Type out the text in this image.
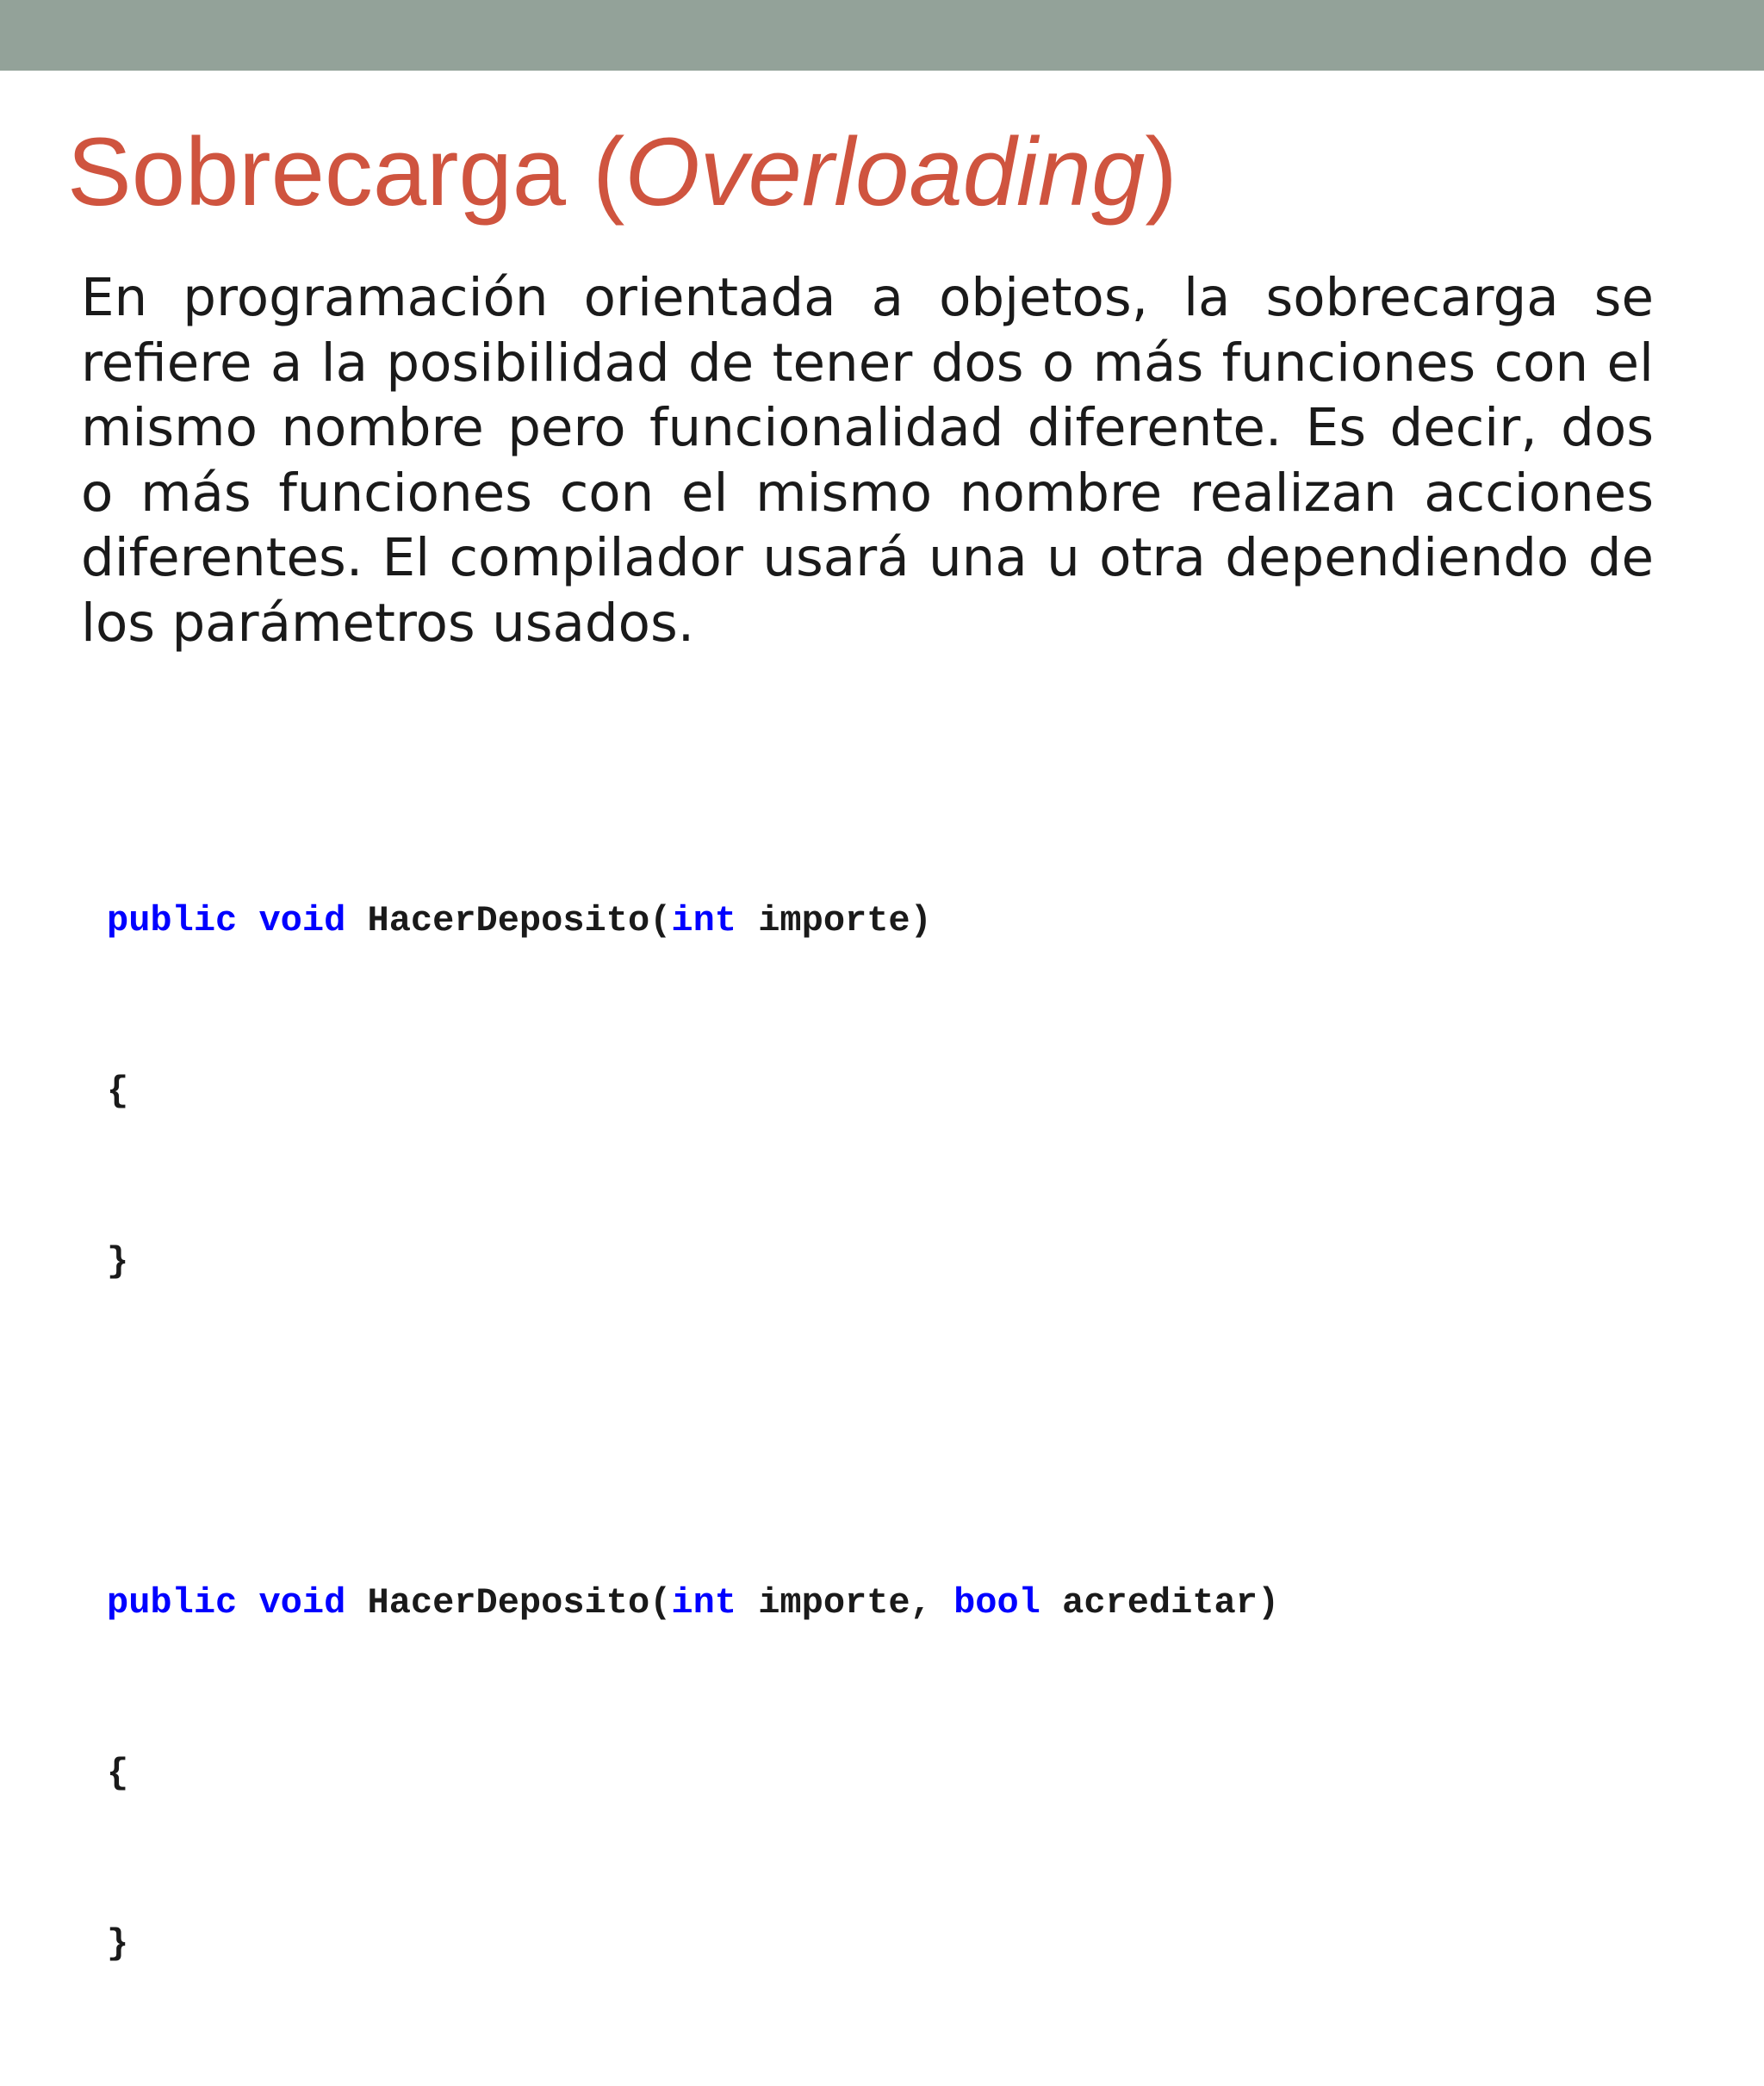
Sobrecarga (Overloading)

En programación orientada a objetos, la sobrecarga se refiere a la posibilidad de tener dos o más funciones con el mismo nombre pero funcionalidad diferente. Es decir, dos o más funciones con el mismo nombre realizan acciones diferentes. El compilador usará una u otra dependiendo de los parámetros usados.

public void HacerDeposito(int importe)

{

}

public void HacerDeposito(int importe, bool acreditar)

{

}
